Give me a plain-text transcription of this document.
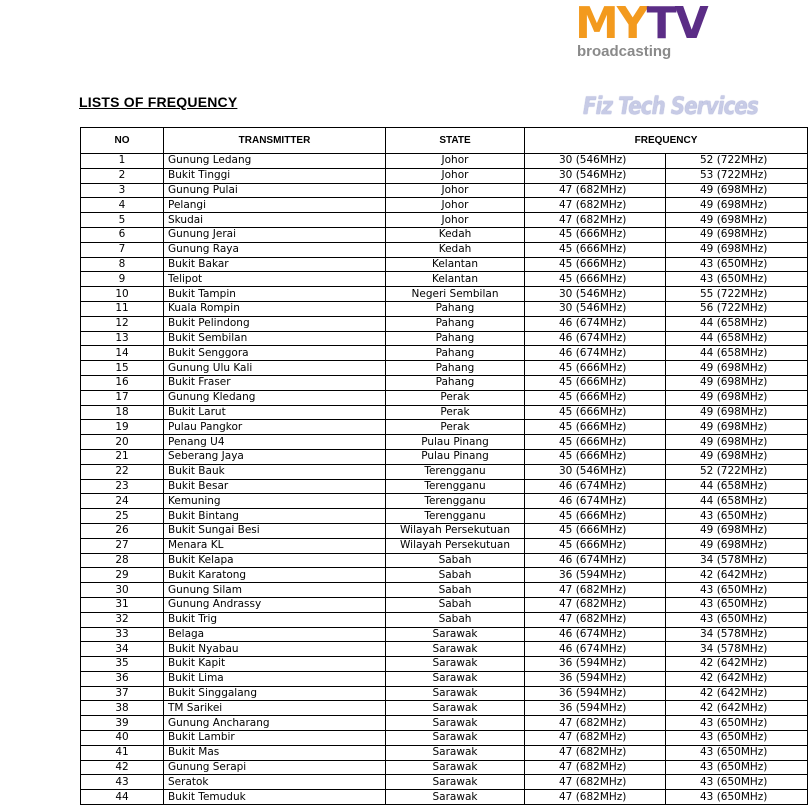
MYTV
broadcasting
Fiz Tech Services
LISTS OF FREQUENCY
NO	TRANSMITTER	STATE	FREQUENCY	
1	Gunung Ledang	Johor	30 (546MHz)	52 (722MHz)
2	Bukit Tinggi	Johor	30 (546MHz)	53 (722MHz)
3	Gunung Pulai	Johor	47 (682MHz)	49 (698MHz)
4	Pelangi	Johor	47 (682MHz)	49 (698MHz)
5	Skudai	Johor	47 (682MHz)	49 (698MHz)
6	Gunung Jerai	Kedah	45 (666MHz)	49 (698MHz)
7	Gunung Raya	Kedah	45 (666MHz)	49 (698MHz)
8	Bukit Bakar	Kelantan	45 (666MHz)	43 (650MHz)
9	Telipot	Kelantan	45 (666MHz)	43 (650MHz)
10	Bukit Tampin	Negeri Sembilan	30 (546MHz)	55 (722MHz)
11	Kuala Rompin	Pahang	30 (546MHz)	56 (722MHz)
12	Bukit Pelindong	Pahang	46 (674MHz)	44 (658MHz)
13	Bukit Sembilan	Pahang	46 (674MHz)	44 (658MHz)
14	Bukit Senggora	Pahang	46 (674MHz)	44 (658MHz)
15	Gunung Ulu Kali	Pahang	45 (666MHz)	49 (698MHz)
16	Bukit Fraser	Pahang	45 (666MHz)	49 (698MHz)
17	Gunung Kledang	Perak	45 (666MHz)	49 (698MHz)
18	Bukit Larut	Perak	45 (666MHz)	49 (698MHz)
19	Pulau Pangkor	Perak	45 (666MHz)	49 (698MHz)
20	Penang U4	Pulau Pinang	45 (666MHz)	49 (698MHz)
21	Seberang Jaya	Pulau Pinang	45 (666MHz)	49 (698MHz)
22	Bukit Bauk	Terengganu	30 (546MHz)	52 (722MHz)
23	Bukit Besar	Terengganu	46 (674MHz)	44 (658MHz)
24	Kemuning	Terengganu	46 (674MHz)	44 (658MHz)
25	Bukit Bintang	Terengganu	45 (666MHz)	43 (650MHz)
26	Bukit Sungai Besi	Wilayah Persekutuan	45 (666MHz)	49 (698MHz)
27	Menara KL	Wilayah Persekutuan	45 (666MHz)	49 (698MHz)
28	Bukit Kelapa	Sabah	46 (674MHz)	34 (578MHz)
29	Bukit Karatong	Sabah	36 (594MHz)	42 (642MHz)
30	Gunung Silam	Sabah	47 (682MHz)	43 (650MHz)
31	Gunung Andrassy	Sabah	47 (682MHz)	43 (650MHz)
32	Bukit Trig	Sabah	47 (682MHz)	43 (650MHz)
33	Belaga	Sarawak	46 (674MHz)	34 (578MHz)
34	Bukit Nyabau	Sarawak	46 (674MHz)	34 (578MHz)
35	Bukit Kapit	Sarawak	36 (594MHz)	42 (642MHz)
36	Bukit Lima	Sarawak	36 (594MHz)	42 (642MHz)
37	Bukit Singgalang	Sarawak	36 (594MHz)	42 (642MHz)
38	TM Sarikei	Sarawak	36 (594MHz)	42 (642MHz)
39	Gunung Ancharang	Sarawak	47 (682MHz)	43 (650MHz)
40	Bukit Lambir	Sarawak	47 (682MHz)	43 (650MHz)
41	Bukit Mas	Sarawak	47 (682MHz)	43 (650MHz)
42	Gunung Serapi	Sarawak	47 (682MHz)	43 (650MHz)
43	Seratok	Sarawak	47 (682MHz)	43 (650MHz)
44	Bukit Temuduk	Sarawak	47 (682MHz)	43 (650MHz)
